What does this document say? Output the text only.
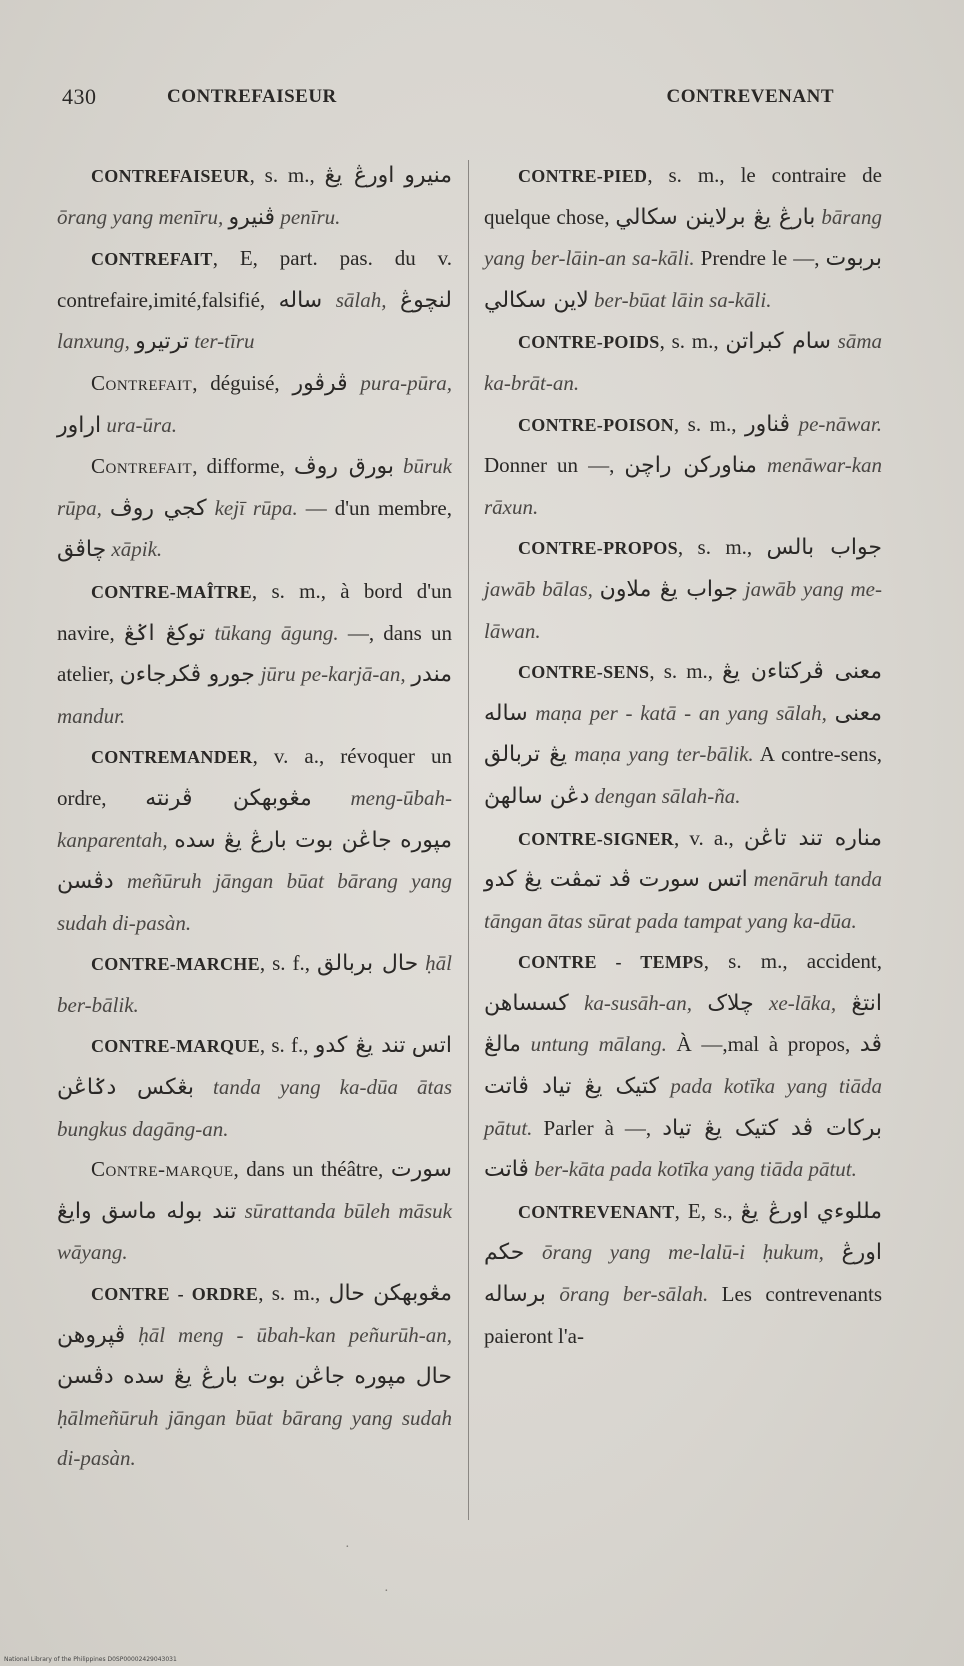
430	CONTREFAISEUR	CONTREVENANT

CONTREFAISEUR, s. m., اورڠ يڠ منيرو ōrang yang menīru, ڤنيرو penīru.

CONTREFAIT, E, part. pas. du v. contrefaire,imité,falsifié, ساله sālah, لنچوڠ lanxung, ترتيرو ter-tīru

Contrefait, déguisé, ڤرڤور pura-pūra, اراور ura-ūra.

Contrefait, difforme, بورق روڤ būruk rūpa, کجي روڤ kejī rūpa. — d'un membre, چاڤق xāpik.

CONTRE-MAÎTRE, s. m., à bord d'un navire, توکڠ اݢڠ tūkang āgung. —, dans un atelier, جورو ڤکرجاءن jūru pe-karjā-an, مندر mandur.

CONTREMANDER, v. a., révoquer un ordre, مڠوبهکن ڤرنته meng-ūbah-kanparentah, مپوره جاڠن بوت بارڠ يڠ سده دڤسن meñūruh jāngan būat bārang yang sudah di-pasàn.

CONTRE-MARCHE, s. f., حال بربالق ḥāl ber-bālik.

CONTRE-MARQUE, s. f., تند يڠ کدو اتس بڠکس دݢاڠن tanda yang ka-dūa ātas bungkus dagāng-an.

Contre-marque, dans un théâtre, سورت تند بوله ماسق وايڠ sūrattanda būleh māsuk wāyang.

CONTRE - ORDRE, s. m., حال مڠوبهکن ڤپروهن ḥāl meng - ūbah-kan peñurūh-an, حال مپوره جاڠن بوت بارڠ يڠ سده دڤسن ḥālmeñūruh jāngan būat bārang yang sudah di-pasàn.

CONTRE-PIED, s. m., le contraire de quelque chose, بارڠ يڠ برلاينن سکالي bārang yang ber-lāin-an sa-kāli. Prendre le —, بربوت لاين سکالي ber-būat lāin sa-kāli.

CONTRE-POIDS, s. m., سام کبراتن sāma ka-brāt-an.

CONTRE-POISON, s. m., ڤناور pe-nāwar. Donner un —, مناورکن راچن menāwar-kan rāxun.

CONTRE-PROPOS, s. m., جواب بالس jawāb bālas, جواب يڠ ملاون jawāb yang me-lāwan.

CONTRE-SENS, s. m., معنى ڤرکتاءن يڠ ساله maṇa per - katā - an yang sālah, معنى يڠ تربالق maṇa yang ter-bālik. A contre-sens, دڠن سالهڽ dengan sālah-ña.

CONTRE-SIGNER, v. a., مناره تند تاڠن اتس سورت ڤد تمڤت يڠ کدو menāruh tanda tāngan ātas sūrat pada tampat yang ka-dūa.

CONTRE - TEMPS, s. m., accident, کسساهن ka-susāh-an, چلاک xe-lāka, انتڠ مالڠ untung mālang. À —,mal à propos, ڤد کتيک يڠ تياد ڤاتت pada kotīka yang tiāda pātut. Parler à —, برکات ڤد کتيک يڠ تياد ڤاتت ber-kāta pada kotīka yang tiāda pātut.

CONTREVENANT, E, s., اورڠ يڠ مللوءي حکم ōrang yang me-lalū-i ḥukum, اورڠ برساله ōrang ber-sālah. Les contrevenants paieront l'a-

·
·
National Library of the Philippines D0SP00002429043031
